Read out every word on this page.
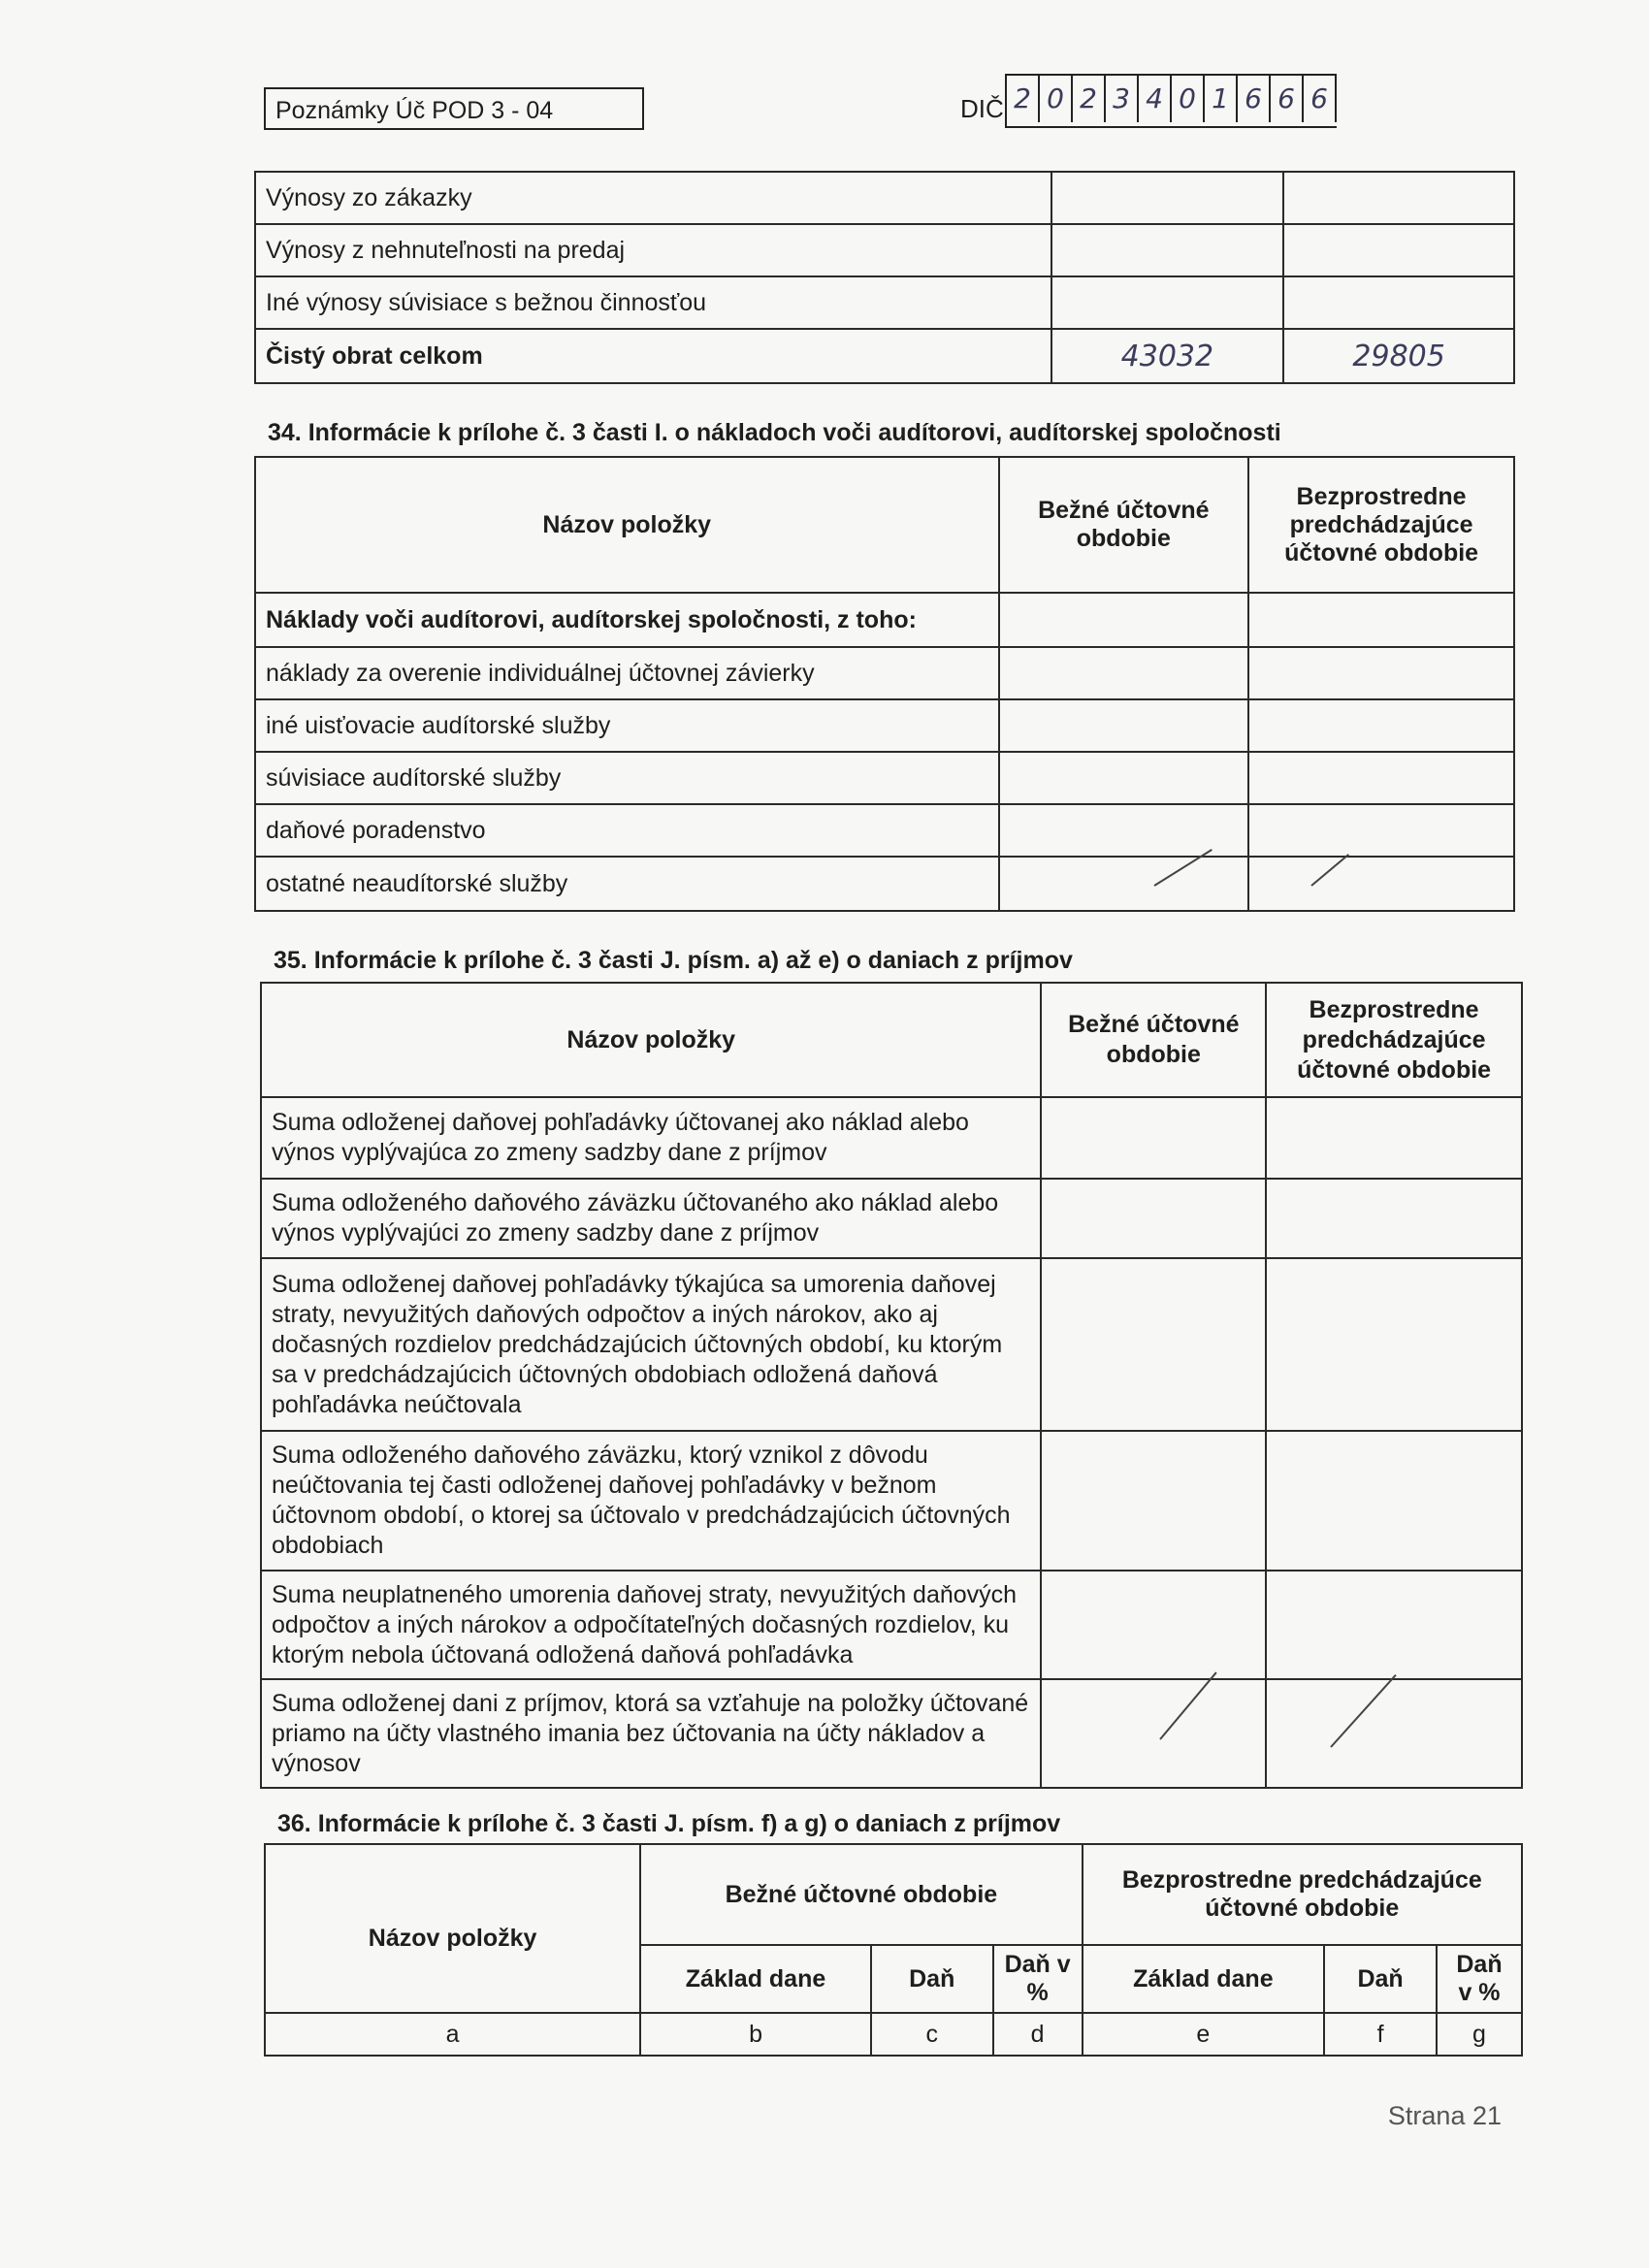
Poznámky Úč POD 3 - 04	DIČ 2 0 2 3 4 0 1 6 6 6
Výnosy zo zákazky		
Výnosy z nehnuteľnosti na predaj		
Iné výnosy súvisiace s bežnou činnosťou		
Čistý obrat celkom	43032	29805
34. Informácie k prílohe č. 3 časti I. o nákladoch voči audítorovi, audítorskej spoločnosti
Názov položky	Bežné účtovné obdobie	Bezprostredne predchádzajúce účtovné obdobie
Náklady voči audítorovi, audítorskej spoločnosti, z toho:		
náklady za overenie individuálnej účtovnej závierky		
iné uisťovacie audítorské služby		
súvisiace audítorské služby		
daňové poradenstvo		
ostatné neaudítorské služby		
35. Informácie k prílohe č. 3 časti J. písm. a) až e) o daniach z príjmov
Názov položky	Bežné účtovné obdobie	Bezprostredne predchádzajúce účtovné obdobie
Suma odloženej daňovej pohľadávky účtovanej ako náklad alebo výnos vyplývajúca zo zmeny sadzby dane z príjmov		
Suma odloženého daňového záväzku účtovaného ako náklad alebo výnos vyplývajúci zo zmeny sadzby dane z príjmov		
Suma odloženej daňovej pohľadávky týkajúca sa umorenia daňovej straty, nevyužitých daňových odpočtov a iných nárokov, ako aj dočasných rozdielov predchádzajúcich účtovných období, ku ktorým sa v predchádzajúcich účtovných obdobiach odložená daňová pohľadávka neúčtovala		
Suma odloženého daňového záväzku, ktorý vznikol z dôvodu neúčtovania tej časti odloženej daňovej pohľadávky v bežnom účtovnom období, o ktorej sa účtovalo v predchádzajúcich účtovných obdobiach		
Suma neuplatneného umorenia daňovej straty, nevyužitých daňových odpočtov a iných nárokov a odpočítateľných dočasných rozdielov, ku ktorým nebola účtovaná odložená daňová pohľadávka		
Suma odloženej dani z príjmov, ktorá sa vzťahuje na položky účtované priamo na účty vlastného imania bez účtovania na účty nákladov a výnosov		
36. Informácie k prílohe č. 3 časti J. písm. f) a g) o daniach z príjmov
Názov položky	Bežné účtovné obdobie			Bezprostredne predchádzajúce účtovné obdobie		
	Základ dane	Daň	Daň v %	Základ dane	Daň	Daň v %
a	b	c	d	e	f	g
Strana 21
